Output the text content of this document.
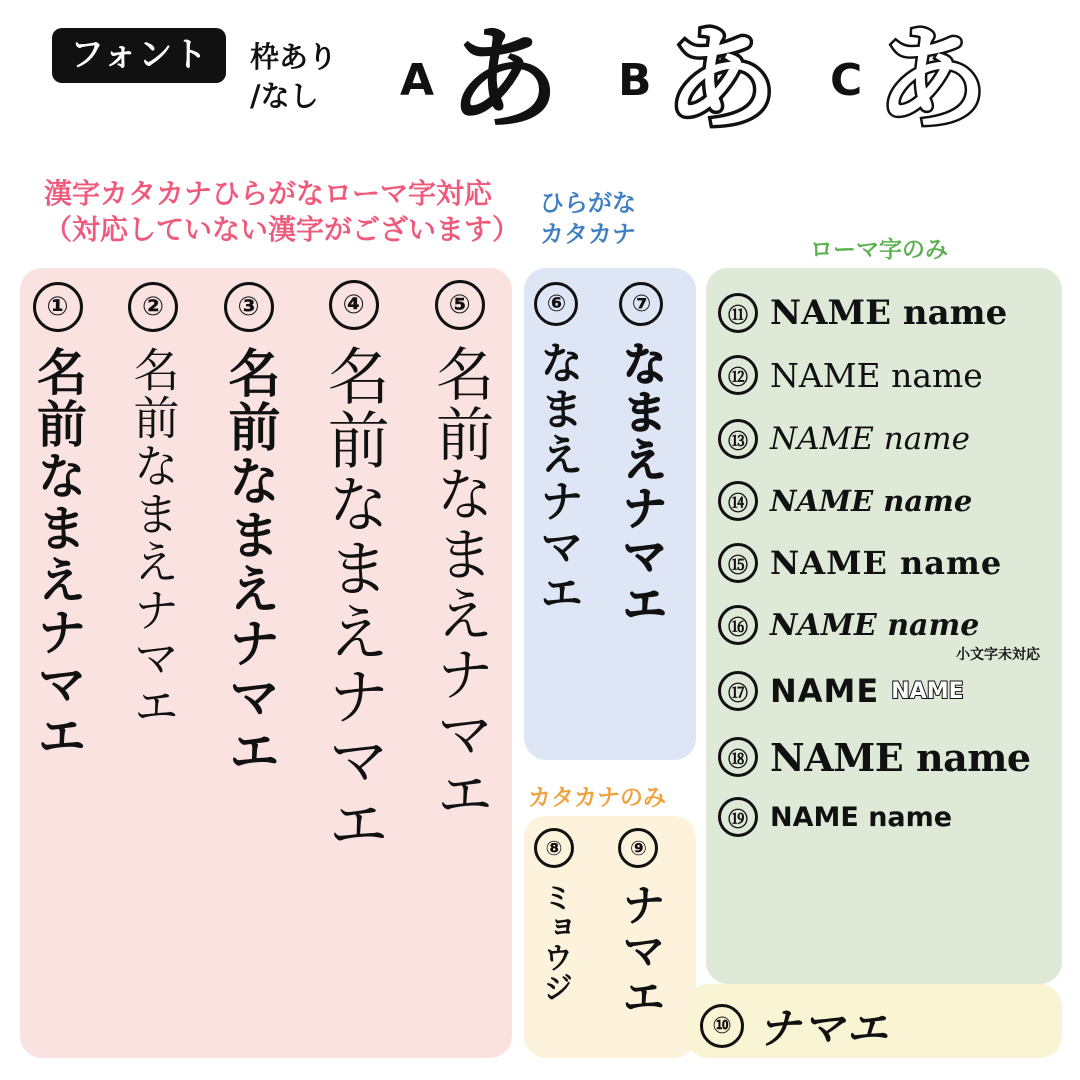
フォント	枠あり
/なし	A あ B あ C あ
漢字カタカナひらがなローマ字対応
（対応していない漢字がございます）
ひらがな
カタカナ
ローマ字のみ
カタカナのみ
①
名前なまえナマエ
②
名前なまえナマエ
③
名前なまえナマエ
④
名前なまえナマエ
⑤
名前なまえナマエ
⑥
なまえナマエ
⑦
なまえナマエ
⑧
ミョウジ
⑨
ナマエ
⑪ NAME name
⑫ NAME name
⑬ NAME name
⑭ NAME name
⑮ NAME name
⑯ NAME name
小文字未対応
⑰ NAME NAME
⑱ NAME name
⑲ NAME name
⑩ ナマエ
